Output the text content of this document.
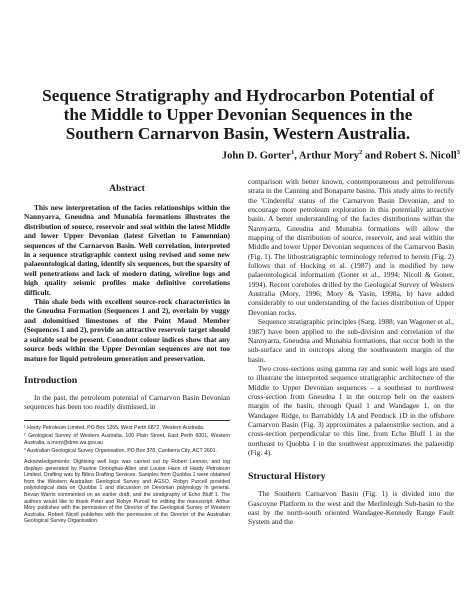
Sequence Stratigraphy and Hydrocarbon Potential of
the Middle to Upper Devonian Sequences in the
Southern Carnarvon Basin, Western Australia.
John D. Gorter$^1$, Arthur Mory$^2$ and Robert S. Nicoll$^3$
Abstract

This new interpretation of the facies relationships within the Nannyarra, Gneudna and Munabia formations illustrates the distribution of source, reservoir and seal within the latest Middle and lower Upper Devonian (latest Givetian to Famennian) sequences of the Carnarvon Basin. Well correlation, interpreted in a sequence stratigraphic context using revised and some new palaeontological dating, identify six sequences, but the sparsity of well penetrations and lack of modern dating, wireline logs and high quality seismic profiles make definitive correlations difficult.

Thin shale beds with excellent source-rock characteristics in the Gneudna Formation (Sequences 1 and 2), overlain by vuggy and dolomitised limestones of the Point Maud Member (Sequences 1 and 2), provide an attractive reservoir target should a suitable seal be present. Conodont colour indices show that any source beds within the Upper Devonian sequences are not too mature for liquid petroleum generation and preservation.

Introduction

In the past, the petroleum potential of Carnarvon Basin Devonian sequences has been too readily dismissed, in

¹ Hardy Petroleum Limited, PO Box 1265, West Perth 6872, Western Australia.

² Geological Survey of Western Australia, 100 Plain Street, East Perth 6001, Western Australia, a.mory@dme.wa.gov.au

³ Australian Geological Survey Organisation, PO Box 378, Canberra City, ACT 2601.

Acknowledgements: Digitising well logs was carried out by Robert Lennon, and log displays generated by Pauline Donoghue-Allen and Louise Hann of Hardy Petroleum Limited. Drafting was by Bibra Drafting Services. Samples from Quobba 1 were obtained from the Western Australian Geological Survey and AGSO. Robyn Purcell provided palynological data on Quobba 1 and discussion on Devonian palynology in general. Bevan Warris commented on an earlier draft, and the stratigraphy of Echo Bluff 1. The authors would like to thank Peter and Robyn Purcell for editing the manuscript. Arthur Mory publishes with the permission of the Director of the Geological Survey of Western Australia. Robert Nicoll publishes with the permission of the Director of the Australian Geological Survey Organisation.

comparison with better known, contemporaneous and petroliferous strata in the Canning and Bonaparte basins. This study aims to rectify the 'Cinderella' status of the Carnarvon Basin Devonian, and to encourage more petroleum exploration in this potentially attractive basin. A better understanding of the facies distributions within the Nannyarra, Gneudna and Munabia formations will allow the mapping of the distribution of source, reservoir, and seal within the Middle and lower Upper Devonian sequences of the Carnarvon Basin (Fig. 1). The lithostratigraphic terminology referred to herein (Fig. 2) follows that of Hocking et al. (1987) and is modified by new palaeontological information (Goner et al., 1994; Nicoll & Goner, 1994). Recent coreholes drilled by the Geological Survey of Western Australia (Mory, 1996; Mory & Yasin, 1998a, b) have added considerably to our understanding of the facies distribution of Upper Devonian rocks.

Sequence stratigraphic principles (Sarg, 1988; van Wagoner et al., 1987) have been applied to the sub-division and correlation of the Nannyarra, Gneudna and Munabia formations, that occur both in the sub-surface and in outcrops along the southeastern margin of the basin.

Two cross-sections using gamma ray and sonic well logs are used to illustrate the interpreted sequence stratigraphic architecture of the Middle to Upper Devonian sequences – a southeast to northwest cross-section from Gneudna 1 in the outcrop belt on the eastern margin of the basin, through Quail 1 and Wandagee 1, on the Wandagee Ridge, to Barrabiddy 1A and Pendock 1D in the offshore Carnarvon Basin (Fig. 3) approximates a palaeostrike section, and a cross-section perpendicular to this line, from Echo Bluff 1 in the northeast to Quobba 1 in the southwest approximates the palaeodip (Fig. 4).

Structural History

The Southern Carnarvon Basin (Fig. 1) is divided into the Gascoyne Platform to the west and the Merlinleigh Sub-basin to the east by the north-south oriented Wandagee-Kennedy Range Fault System and the
